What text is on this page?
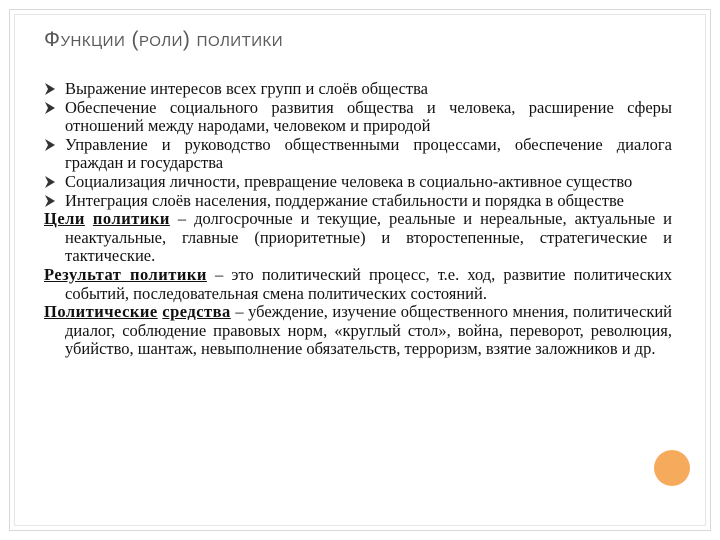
Функции (роли) политики
Выражение интересов всех групп и слоёв общества
Обеспечение социального развития общества и человека, расширение сферы отношений между народами, человеком и природой
Управление и руководство общественными процессами, обеспечение диалога граждан и государства
Социализация личности, превращение человека в социально-активное существо
Интеграция слоёв населения, поддержание стабильности и порядка в обществе

Цели политики – долгосрочные и текущие, реальные и нереальные, актуальные и неактуальные, главные (приоритетные) и второстепенные, стратегические и тактические.

Результат политики – это политический процесс, т.е. ход, развитие политических событий, последовательная смена политических состояний.

Политические средства – убеждение, изучение общественного мнения, политический диалог, соблюдение правовых норм, «круглый стол», война, переворот, революция, убийство, шантаж, невыполнение обязательств, терроризм, взятие заложников и др.
